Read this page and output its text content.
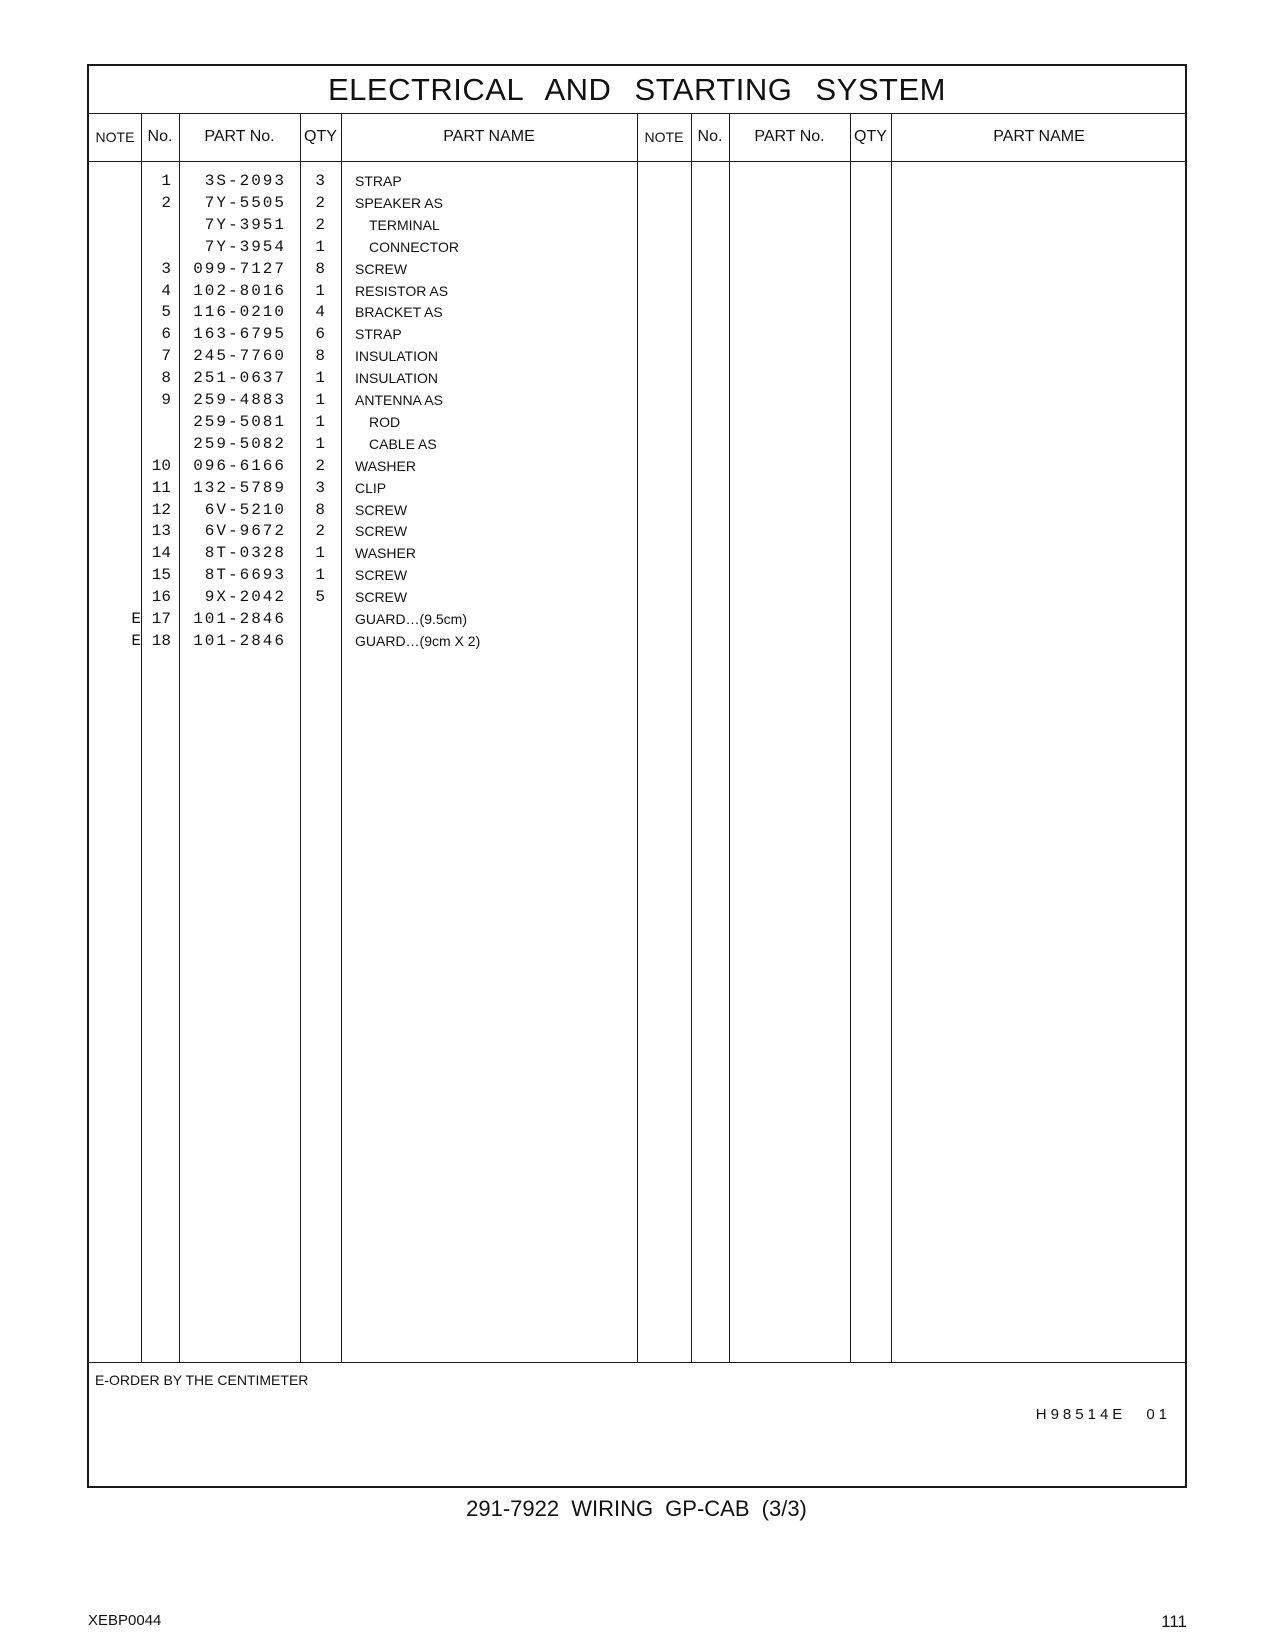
ELECTRICAL AND STARTING SYSTEM
NOTE No.	PART No.	QTY	PART NAME	NOTE No.	PART No.	QTY	PART NAME
1	3S-2093	3 STRAP
2	7Y-5505	2 SPEAKER AS
7Y-3951	2	TERMINAL
7Y-3954	1	CONNECTOR
3	099-7127	8 SCREW
4	102-8016	1 RESISTOR AS
5	116-0210	4 BRACKET AS
6	163-6795	6 STRAP
7	245-7760	8 INSULATION
8	251-0637	1 INSULATION
9	259-4883	1 ANTENNA AS
259-5081	1	ROD
259-5082	1	CABLE AS
10	096-6166	2 WASHER
11	132-5789	3 CLIP
12	6V-5210	8 SCREW
13	6V-9672	2 SCREW
14	8T-0328	1 WASHER
15	8T-6693	1 SCREW
16	9X-2042	5 SCREW
E 17	101-2846	GUARD…(9.5cm)
E 18	101-2846	GUARD…(9cm X 2)
E-ORDER BY THE CENTIMETER
H98514E 01
291-7922 WIRING GP-CAB (3/3)
XEBP0044	111
